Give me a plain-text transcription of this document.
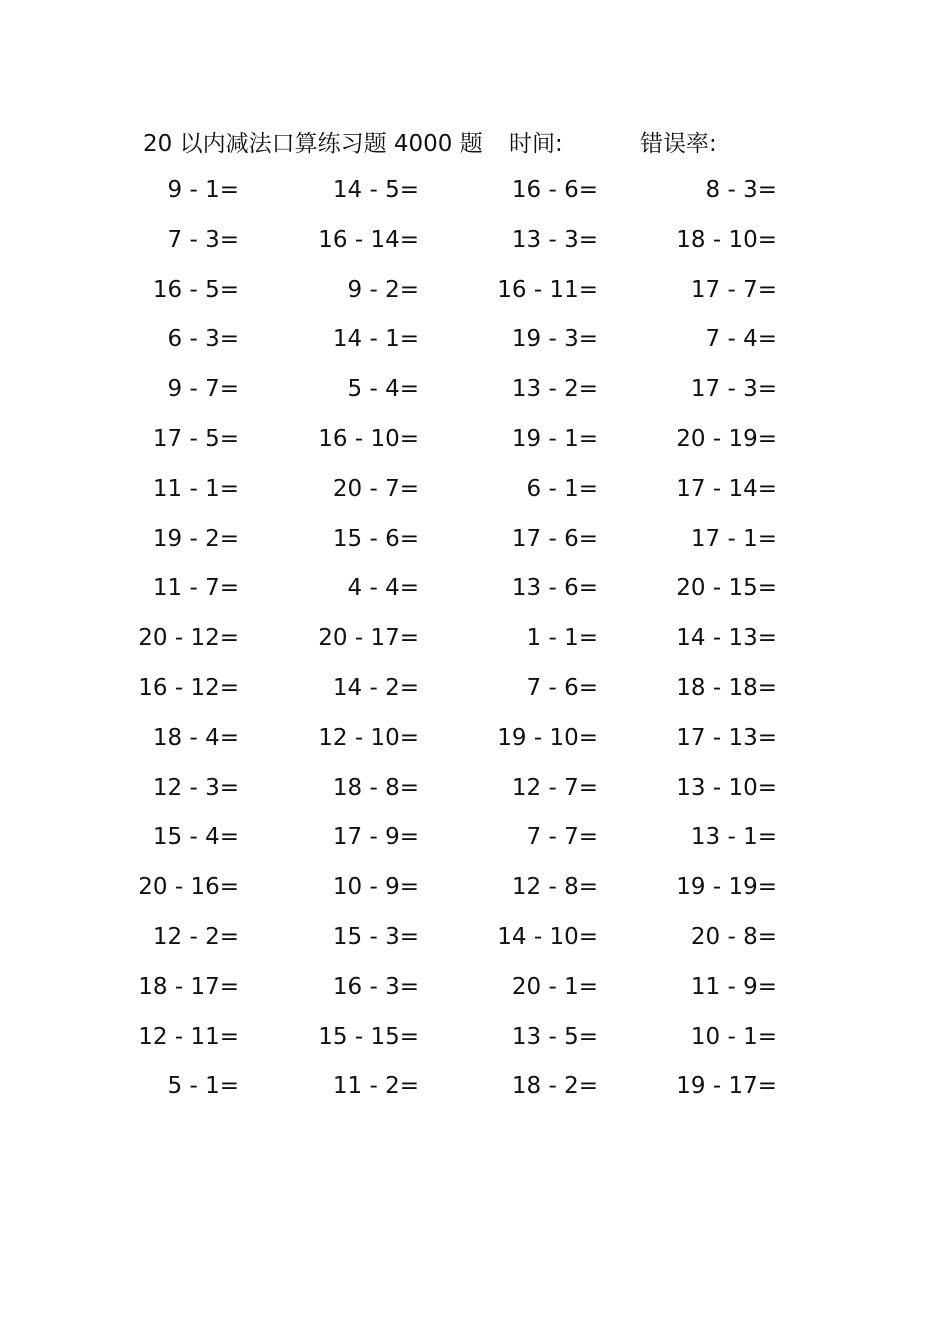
20 以内减法口算练习题 4000 题 时间:	错误率:
9 - 1=	14 - 5=	16 - 6=	8 - 3=
7 - 3=	16 - 14=	13 - 3=	18 - 10=
16 - 5=	9 - 2=	16 - 11=	17 - 7=
6 - 3=	14 - 1=	19 - 3=	7 - 4=
9 - 7=	5 - 4=	13 - 2=	17 - 3=
17 - 5=	16 - 10=	19 - 1=	20 - 19=
11 - 1=	20 - 7=	6 - 1=	17 - 14=
19 - 2=	15 - 6=	17 - 6=	17 - 1=
11 - 7=	4 - 4=	13 - 6=	20 - 15=
20 - 12=	20 - 17=	1 - 1=	14 - 13=
16 - 12=	14 - 2=	7 - 6=	18 - 18=
18 - 4=	12 - 10=	19 - 10=	17 - 13=
12 - 3=	18 - 8=	12 - 7=	13 - 10=
15 - 4=	17 - 9=	7 - 7=	13 - 1=
20 - 16=	10 - 9=	12 - 8=	19 - 19=
12 - 2=	15 - 3=	14 - 10=	20 - 8=
18 - 17=	16 - 3=	20 - 1=	11 - 9=
12 - 11=	15 - 15=	13 - 5=	10 - 1=
5 - 1=	11 - 2=	18 - 2=	19 - 17=
